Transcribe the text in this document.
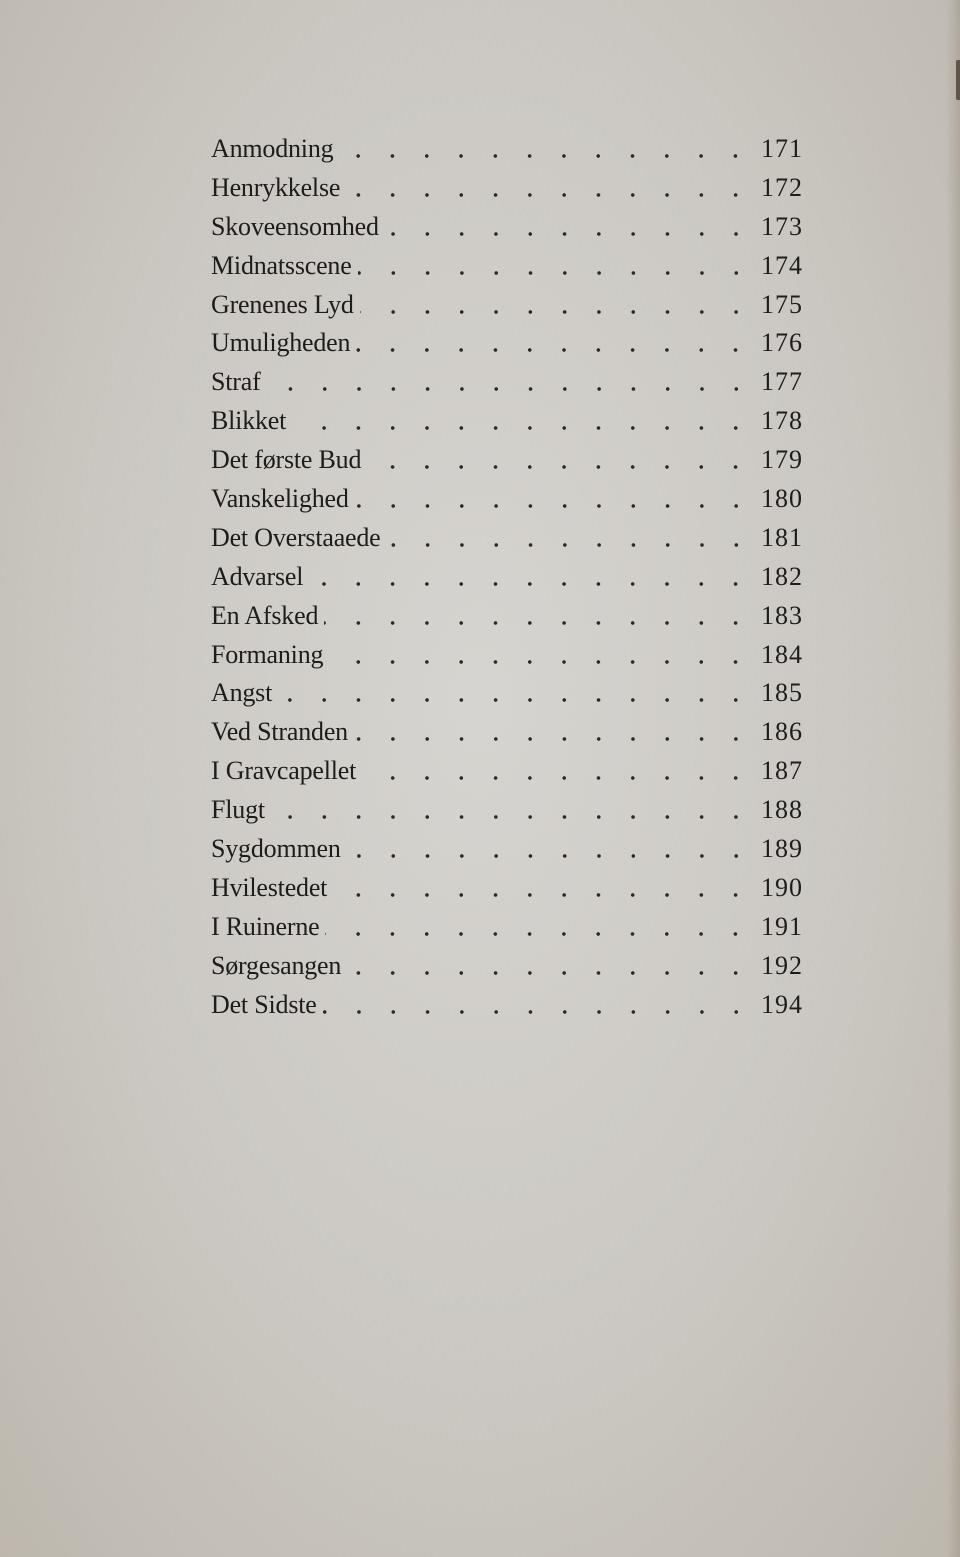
Anmodning	171
Henrykkelse	172
Skoveensomhed	173
Midnatsscene	174
Grenenes Lyd	175
Umuligheden	176
Straf	177
Blikket	178
Det første Bud	179
Vanskelighed	180
Det Overstaaede	181
Advarsel	182
En Afsked	183
Formaning	184
Angst	185
Ved Stranden	186
I Gravcapellet	187
Flugt	188
Sygdommen	189
Hvilestedet	190
I Ruinerne	191
Sørgesangen	192
Det Sidste	194
